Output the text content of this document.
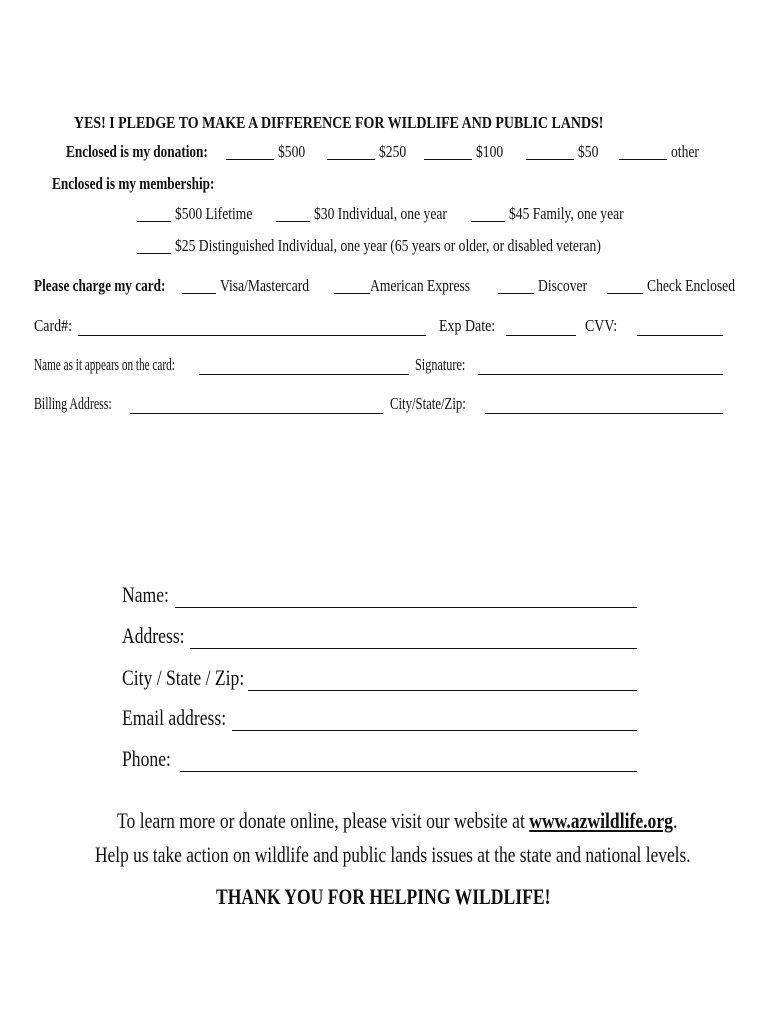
YES! I PLEDGE TO MAKE A DIFFERENCE FOR WILDLIFE AND PUBLIC LANDS!
Enclosed is my donation:	$500	$250	$100	$50	other
Enclosed is my membership:
$500 Lifetime	$30 Individual, one year	$45 Family, one year
$25 Distinguished Individual, one year (65 years or older, or disabled veteran)
Please charge my card:	Visa/Mastercard	American Express	Discover	Check Enclosed
Card#:	Exp Date:	CVV:
Name as it appears on the card:	Signature:
Billing Address:	City/State/Zip:
Name:
Address:
City / State / Zip:
Email address:
Phone:
To learn more or donate online, please visit our website at www.azwildlife.org.
Help us take action on wildlife and public lands issues at the state and national levels.
THANK YOU FOR HELPING WILDLIFE!
